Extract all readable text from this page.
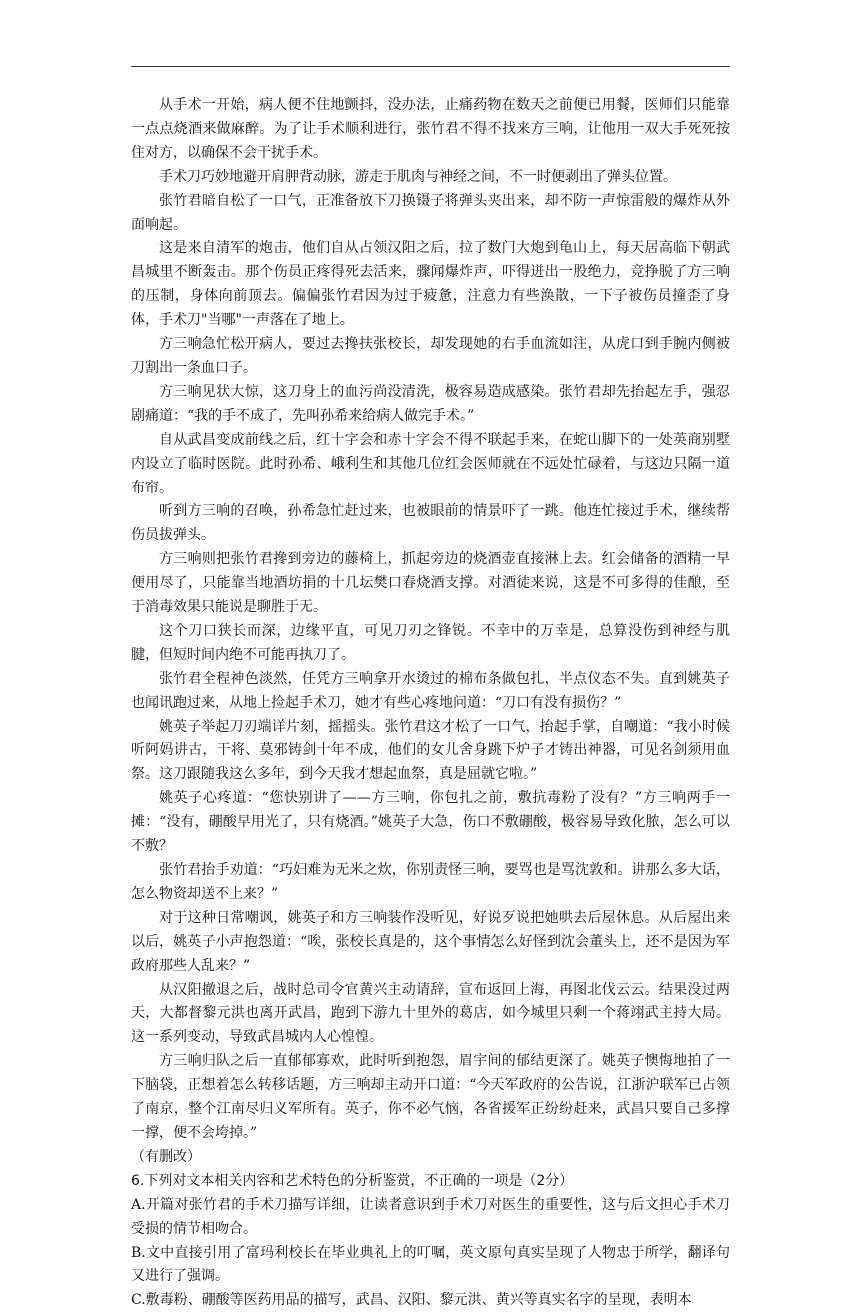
从手术一开始，病人便不住地颤抖，没办法，止痛药物在数天之前便已用餐，医师们只能靠一点点烧酒来做麻醉。为了让手术顺利进行，张竹君不得不找来方三响，让他用一双大手死死按住对方，以确保不会干扰手术。

手术刀巧妙地避开肩胛背动脉，游走于肌肉与神经之间，不一时便剥出了弹头位置。

张竹君暗自松了一口气，正准备放下刀换镊子将弹头夹出来，却不防一声惊雷般的爆炸从外面响起。

这是来自清军的炮击，他们自从占领汉阳之后，拉了数门大炮到龟山上，每天居高临下朝武昌城里不断轰击。那个伤员正疼得死去活来，骤闻爆炸声，吓得迸出一股绝力，竞挣脱了方三响的压制，身体向前顶去。偏偏张竹君因为过于疲惫，注意力有些涣散，一下子被伤员撞歪了身体，手术刀"当哪"一声落在了地上。

方三响急忙松开病人，要过去搀扶张校长，却发现她的右手血流如注，从虎口到手腕内侧被刀割出一条血口子。

方三响见状大惊，这刀身上的血污尚没清洗，极容易造成感染。张竹君却先抬起左手，强忍剧痛道：“我的手不成了，先叫孙希来给病人做完手术。”

自从武昌变成前线之后，红十字会和赤十字会不得不联起手来，在蛇山脚下的一处英商别墅内设立了临时医院。此时孙希、峨利生和其他几位红会医师就在不远处忙碌着，与这边只隔一道布帘。

听到方三响的召唤，孙希急忙赶过来，也被眼前的情景吓了一跳。他连忙接过手术，继续帮伤员拔弹头。

方三响则把张竹君搀到旁边的藤椅上，抓起旁边的烧酒壶直接淋上去。红会储备的酒精一早便用尽了，只能靠当地酒坊捐的十几坛樊口春烧酒支撑。对酒徒来说，这是不可多得的佳酿，至于消毒效果只能说是聊胜于无。

这个刀口狭长而深，边缘平直，可见刀刃之锋锐。不幸中的万幸是，总算没伤到神经与肌腱，但短时间内绝不可能再执刀了。

张竹君全程神色淡然，任凭方三响拿开水烫过的棉布条做包扎，半点仪态不失。直到姚英子也闻讯跑过来，从地上捡起手术刀，她才有些心疼地问道：“刀口有没有损伤？”

姚英子举起刀刃端详片刻，摇摇头。张竹君这才松了一口气，抬起手掌，自嘲道：“我小时候听阿妈讲古，干将、莫邪铸剑十年不成，他们的女儿舍身跳下炉子才铸出神器，可见名剑须用血祭。这刀跟随我这么多年，到今天我才想起血祭，真是屈就它啦。”

姚英子心疼道：“您快别讲了——方三响，你包扎之前，敷抗毒粉了没有？”方三响两手一摊：“没有，硼酸早用光了，只有烧酒。”姚英子大急，伤口不敷硼酸，极容易导致化脓，怎么可以不敷？

张竹君抬手劝道：“巧妇难为无米之炊，你别责怪三响，要骂也是骂沈敦和。讲那么多大话，怎么物资却送不上来？”

对于这种日常嘲讽，姚英子和方三响装作没听见，好说歹说把她哄去后屋休息。从后屋出来以后，姚英子小声抱怨道：“唉，张校长真是的，这个事情怎么好怪到沈会董头上，还不是因为军政府那些人乱来？”

从汉阳撤退之后，战时总司令官黄兴主动请辞，宣布返回上海，再图北伐云云。结果没过两天，大都督黎元洪也离开武昌，跑到下游九十里外的葛店，如今城里只剩一个蒋翊武主持大局。这一系列变动，导致武昌城内人心惶惶。

方三响归队之后一直郁郁寡欢，此时听到抱怨，眉宇间的郁结更深了。姚英子懊悔地拍了一下脑袋，正想着怎么转移话题，方三响却主动开口道：“今天军政府的公告说，江浙沪联军已占领了南京，整个江南尽归义军所有。英子，你不必气恼，各省援军正纷纷赶来，武昌只要自己多撑一撑，便不会垮掉。”

（有删改）

6.下列对文本相关内容和艺术特色的分析鉴赏，不正确的一项是（2分）

A.开篇对张竹君的手术刀描写详细，让读者意识到手术刀对医生的重要性，这与后文担心手术刀受损的情节相吻合。

B.文中直接引用了富玛利校长在毕业典礼上的叮嘱，英文原句真实呈现了人物忠于所学，翻译句又进行了强调。

C.敷毒粉、硼酸等医药用品的描写，武昌、汉阳、黎元洪、黄兴等真实名字的呈现，表明本
